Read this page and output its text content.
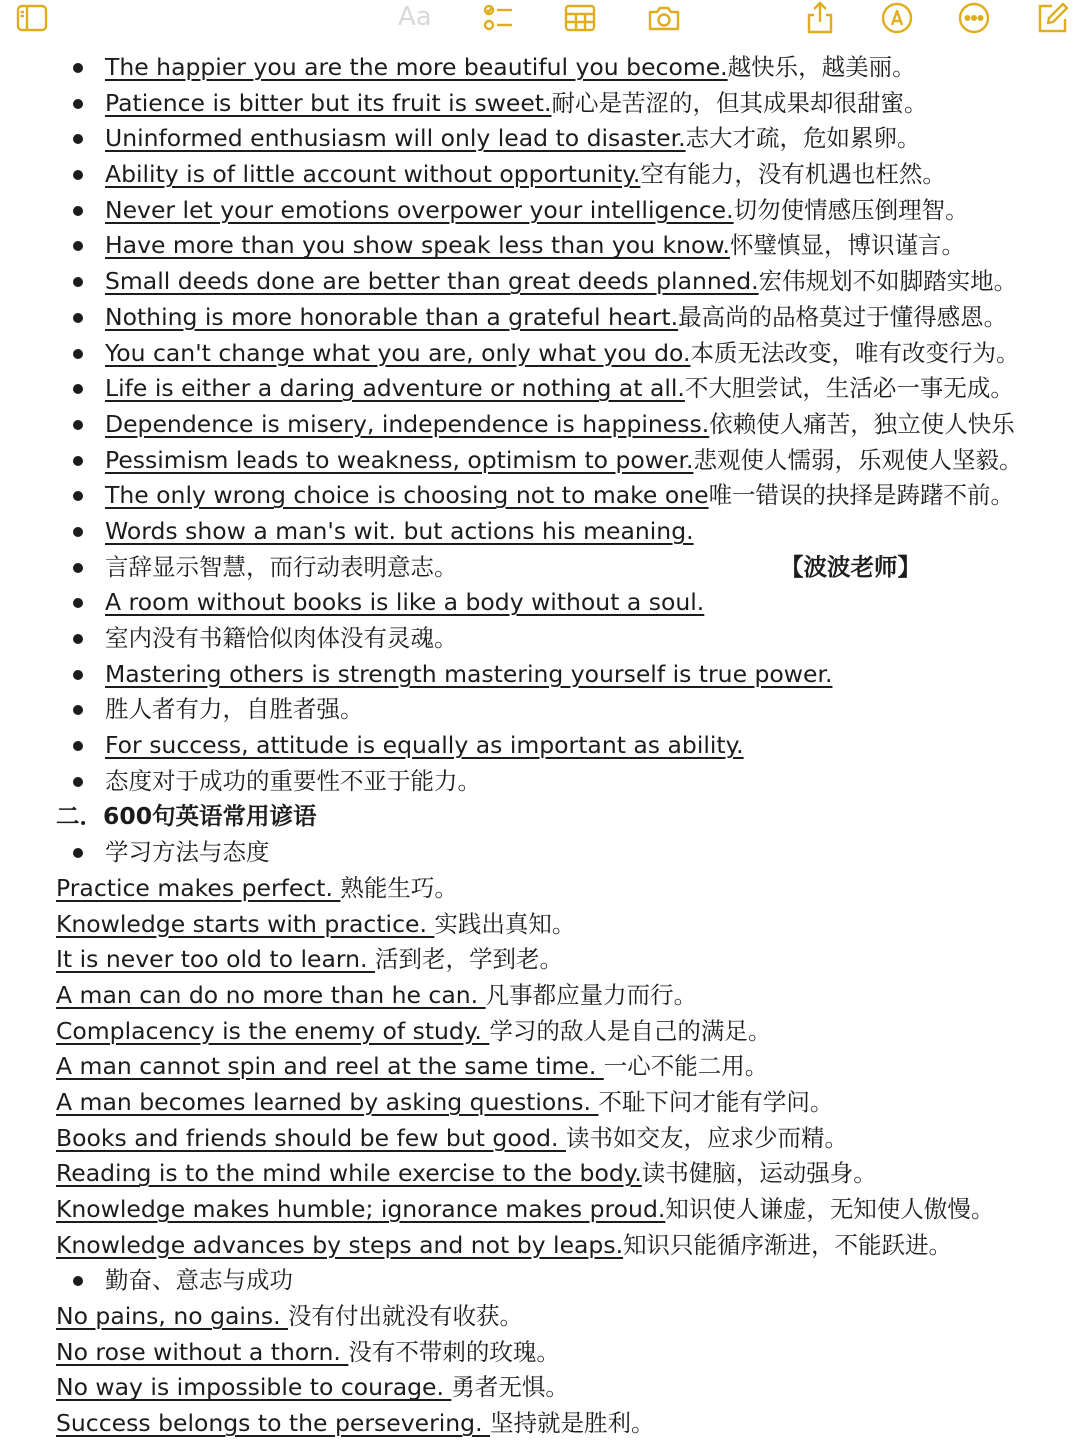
Aa
The happier you are the more beautiful you become.越快乐，越美丽。
Patience is bitter but its fruit is sweet.耐心是苦涩的，但其成果却很甜蜜。
Uninformed enthusiasm will only lead to disaster.志大才疏，危如累卵。
Ability is of little account without opportunity.空有能力，没有机遇也枉然。
Never let your emotions overpower your intelligence.切勿使情感压倒理智。
Have more than you show speak less than you know.怀璧慎显，博识谨言。
Small deeds done are better than great deeds planned.宏伟规划不如脚踏实地。
Nothing is more honorable than a grateful heart.最高尚的品格莫过于懂得感恩。
You can't change what you are, only what you do.本质无法改变，唯有改变行为。
Life is either a daring adventure or nothing at all.不大胆尝试，生活必一事无成。
Dependence is misery, independence is happiness.依赖使人痛苦，独立使人快乐
Pessimism leads to weakness, optimism to power.悲观使人懦弱，乐观使人坚毅。
The only wrong choice is choosing not to make one唯一错误的抉择是踌躇不前。
Words show a man's wit. but actions his meaning.
言辞显示智慧，而行动表明意志。	【波波老师】
A room without books is like a body without a soul.
室内没有书籍恰似肉体没有灵魂。
Mastering others is strength mastering yourself is true power.
胜人者有力，自胜者强。
For success, attitude is equally as important as ability.
态度对于成功的重要性不亚于能力。
二．600句英语常用谚语
学习方法与态度
Practice makes perfect. 熟能生巧。
Knowledge starts with practice. 实践出真知。
It is never too old to learn. 活到老，学到老。
A man can do no more than he can. 凡事都应量力而行。
Complacency is the enemy of study. 学习的敌人是自己的满足。
A man cannot spin and reel at the same time. 一心不能二用。
A man becomes learned by asking questions. 不耻下问才能有学问。
Books and friends should be few but good. 读书如交友，应求少而精。
Reading is to the mind while exercise to the body.读书健脑，运动强身。
Knowledge makes humble; ignorance makes proud.知识使人谦虚，无知使人傲慢。
Knowledge advances by steps and not by leaps.知识只能循序渐进，不能跃进。
勤奋、意志与成功
No pains, no gains. 没有付出就没有收获。
No rose without a thorn. 没有不带刺的玫瑰。
No way is impossible to courage. 勇者无惧。
Success belongs to the persevering. 坚持就是胜利。
